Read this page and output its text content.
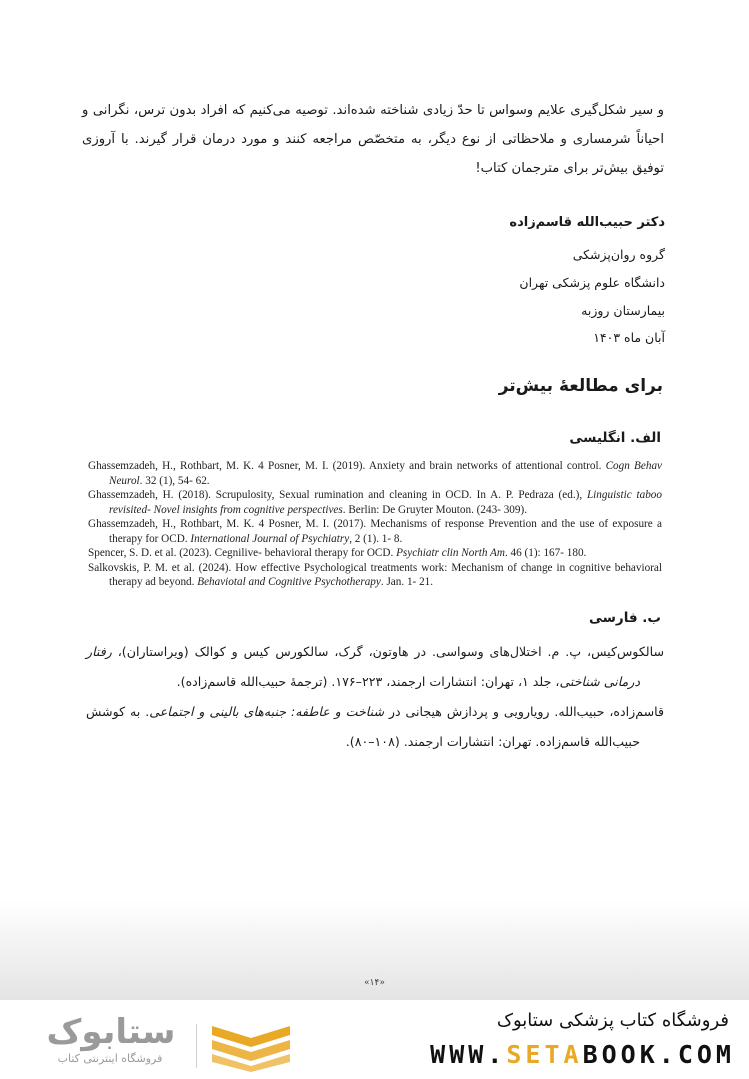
و سیر شکل‌گیری علایم وسواس تا حدّ زیادی شناخته شده‌اند. توصیه می‌کنیم که افراد بدون ترس، نگرانی و احیاناً شرمساری و ملاحظاتی از نوع دیگر، به متخصّص مراجعه کنند و مورد درمان قرار گیرند. با آروزی توفیق بیش‌تر برای مترجمان کتاب!
دکتر حبیب‌الله قاسم‌زاده
گروه روان‌پزشکی
دانشگاه علوم پزشکی تهران
بیمارستان روزبه
آبان ماه ۱۴۰۳
برای مطالعهٔ بیش‌تر
الف. انگلیسی
Ghassemzadeh, H., Rothbart, M. K. 4 Posner, M. I. (2019). Anxiety and brain networks of attentional control. Cogn Behav Neurol. 32 (1), 54- 62.
Ghassemzadeh, H. (2018). Scrupulosity, Sexual rumination and cleaning in OCD. In A. P. Pedraza (ed.), Linguistic taboo revisited- Novel insights from cognitive perspectives. Berlin: De Gruyter Mouton. (243- 309).
Ghassemzadeh, H., Rothbart, M. K. 4 Posner, M. I. (2017). Mechanisms of response Prevention and the use of exposure a therapy for OCD. International Journal of Psychiatry, 2 (1). 1- 8.
Spencer, S. D. et al. (2023). Cegnilive- behavioral therapy for OCD. Psychiatr clin North Am. 46 (1): 167- 180.
Salkovskis, P. M. et al. (2024). How effective Psychological treatments work: Mechanism of change in cognitive behavioral therapy ad beyond. Behaviotal and Cognitive Psychotherapy. Jan. 1- 21.
ب. فارسی
سالکوس‌کیس، پ. م. اختلال‌های وسواسی. در هاوتون، گرک، سالکورس کیس و کوالک (ویراستاران)، رفتار درمانی شناختی، جلد ۱، تهران: انتشارات ارجمند، ۲۲۳–۱۷۶. (ترجمهٔ حبیب‌الله قاسم‌زاده).
قاسم‌زاده، حبیب‌الله. رویارویی و پردازش هیجانی در شناخت و عاطفه: جنبه‌های بالینی و اجتماعی. به کوشش حبیب‌الله قاسم‌زاده. تهران: انتشارات ارجمند. (۱۰۸–۸۰).
«۱۴»
ستابوک
فروشگاه اینترنتی کتاب
فروشگاه کتاب پزشکی ستابوک
WWW.SETABOOK.COM
